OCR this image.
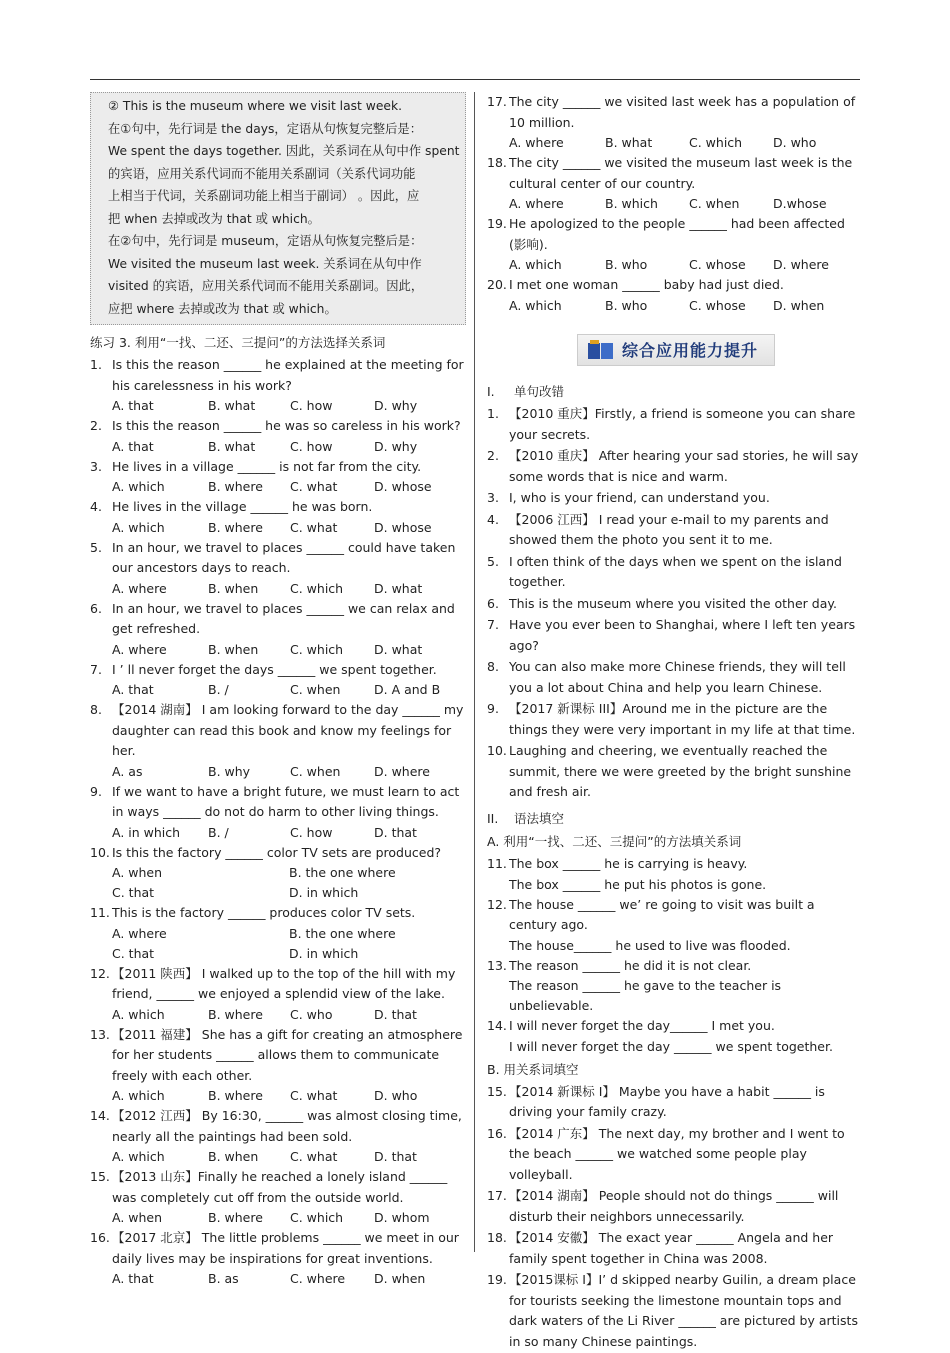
② This is the museum where we visit last week.

在①句中，先行词是 the days，定语从句恢复完整后是：

We spent the days together. 因此，关系词在从句中作 spent

的宾语，应用关系代词而不能用关系副词（关系代词功能

上相当于代词，关系副词功能上相当于副词） 。因此，应

把 when 去掉或改为 that 或 which。

在②句中，先行词是 museum，定语从句恢复完整后是：

We visited the museum last week. 关系词在从句中作

visited 的宾语，应用关系代词而不能用关系副词。因此，

应把 where 去掉或改为 that 或 which。

练习 3. 利用“一找、二还、三提问”的方法选择关系词
1. Is this the reason ______ he explained at the meeting for his carelessness in his work?
A. that	B. what	C. how	D. why
2. Is this the reason ______ he was so careless in his work?
A. that	B. what	C. how	D. why
3. He lives in a village ______ is not far from the city.
A. which	B. where	C. what	D. whose
4. He lives in the village ______ he was born.
A. which	B. where	C. what	D. whose
5. In an hour, we travel to places ______ could have taken our ancestors days to reach.
A. where	B. when	C. which	D. what
6. In an hour, we travel to places ______ we can relax and get refreshed.
A. where	B. when	C. which	D. what
7. I ’ ll never forget the days ______ we spent together.
A. that	B. /	C. when	D. A and B
8. 【2014 湖南】 I am looking forward to the day ______ my daughter can read this book and know my feelings for her.
A. as	B. why	C. when	D. where
9. If we want to have a bright future, we must learn to act in ways ______ do not do harm to other living things.
A. in which	B. /	C. how	D. that
10. Is this the factory ______ color TV sets are produced?
A. when	B. the one where
C. that	D. in which
11. This is the factory ______ produces color TV sets.
A. where	B. the one where
C. that	D. in which
12. 【2011 陕西】 I walked up to the top of the hill with my friend, ______ we enjoyed a splendid view of the lake.
A. which	B. where	C. who	D. that
13. 【2011 福建】 She has a gift for creating an atmosphere for her students ______ allows them to communicate freely with each other.
A. which	B. where	C. what	D. who
14. 【2012 江西】 By 16:30, ______ was almost closing time, nearly all the paintings had been sold.
A. which	B. when	C. what	D. that
15. 【2013 山东】Finally he reached a lonely island ______ was completely cut off from the outside world.
A. when	B. where	C. which	D. whom
16. 【2017 北京】 The little problems ______ we meet in our daily lives may be inspirations for great inventions.
A. that	B. as	C. where	D. when
17. The city ______ we visited last week has a population of 10 million.
A. where	B. what	C. which	D. who
18. The city ______ we visited the museum last week is the cultural center of our country.
A. where	B. which	C. when	D.whose
19. He apologized to the people ______ had been affected (影响).
A. which	B. who	C. whose	D. where
20. I met one woman ______ baby had just died.
A. which	B. who	C. whose	D. when
综合应用能力提升
I.	单句改错
1. 【2010 重庆】Firstly, a friend is someone you can share your secrets.
2. 【2010 重庆】 After hearing your sad stories, he will say some words that is nice and warm.
3. I, who is your friend, can understand you.
4. 【2006 江西】 I read your e-mail to my parents and showed them the photo you sent it to me.
5. I often think of the days when we spent on the island together.
6. This is the museum where you visited the other day.
7. Have you ever been to Shanghai, where I left ten years ago?
8. You can also make more Chinese friends, they will tell you a lot about China and help you learn Chinese.
9. 【2017 新课标 III】Around me in the picture are the things they were very important in my life at that time.
10. Laughing and cheering, we eventually reached the summit, there we were greeted by the bright sunshine and fresh air.
II.	语法填空
A. 利用“一找、二还、三提问”的方法填关系词
11. The box ______ he is carrying is heavy.
The box ______ he put his photos is gone.
12. The house ______ we’ re going to visit was built a century ago.
The house______ he used to live was flooded.
13. The reason ______ he did it is not clear.
The reason ______ he gave to the teacher is unbelievable.
14. I will never forget the day______ I met you.
I will never forget the day ______ we spent together.
B. 用关系词填空
15. 【2014 新课标 Ⅰ】 Maybe you have a habit ______ is driving your family crazy.
16. 【2014 广东】 The next day, my brother and I went to the beach ______ we watched some people play volleyball.
17. 【2014 湖南】 People should not do things ______ will disturb their neighbors unnecessarily.
18. 【2014 安徽】 The exact year ______ Angela and her family spent together in China was 2008.
19. 【2015课标 Ⅰ】I’ d skipped nearby Guilin, a dream place for tourists seeking the limestone mountain tops and dark waters of the Li River ______ are pictured by artists in so many Chinese paintings.
